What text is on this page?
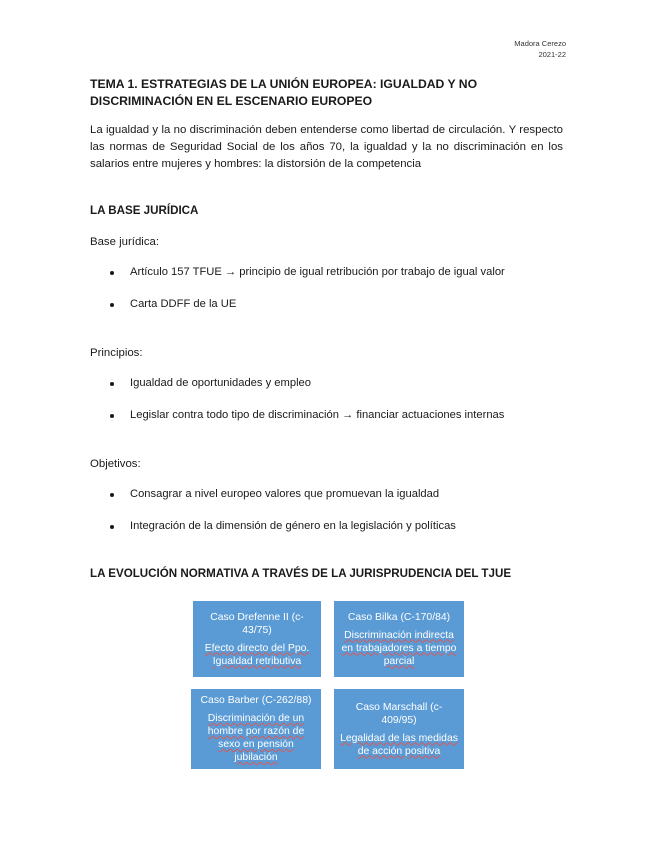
Madora Cerezo
2021-22
TEMA 1. ESTRATEGIAS DE LA UNIÓN EUROPEA: IGUALDAD Y NO DISCRIMINACIÓN EN EL ESCENARIO EUROPEO

La igualdad y la no discriminación deben entenderse como libertad de circulación. Y respecto las normas de Seguridad Social de los años 70, la igualdad y la no discriminación en los salarios entre mujeres y hombres: la distorsión de la competencia

LA BASE JURÍDICA

Base jurídica:

Artículo 157 TFUE → principio de igual retribución por trabajo de igual valor
Carta DDFF de la UE

Principios:

Igualdad de oportunidades y empleo
Legislar contra todo tipo de discriminación → financiar actuaciones internas

Objetivos:

Consagrar a nivel europeo valores que promuevan la igualdad
Integración de la dimensión de género en la legislación y políticas
LA EVOLUCIÓN NORMATIVA A TRAVÉS DE LA JURISPRUDENCIA DEL TJUE
Caso Drefenne II (c-43/75)
Efecto directo del Ppo. Igualdad retributiva
Caso Bilka (C-170/84)
Discriminación indirecta en trabajadores a tiempo parcial
Caso Barber (C-262/88)
Discriminación de un hombre por razón de sexo en pensión jubilación
Caso Marschall (c-409/95)
Legalidad de las medidas de acción positiva
